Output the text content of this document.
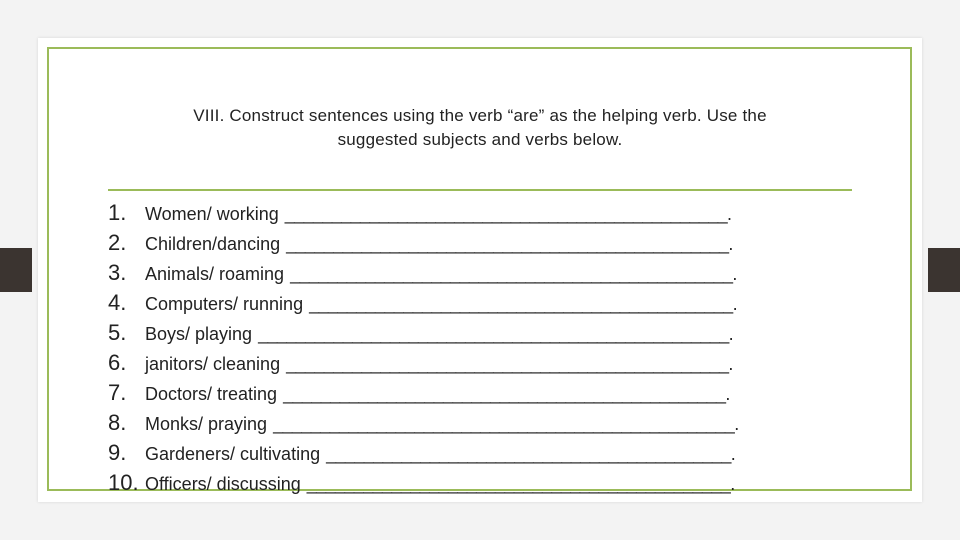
VIII. Construct sentences using the verb “are” as the helping verb. Use the
suggested subjects and verbs below.
1.	Women/ working _______________________________________________.
2.	Children/dancing _______________________________________________.
3.	Animals/ roaming _______________________________________________.
4.	Computers/ running _____________________________________________.
5.	Boys/ playing __________________________________________________.
6.	janitors/ cleaning _______________________________________________.
7.	Doctors/ treating _______________________________________________.
8.	Monks/ praying _________________________________________________.
9.	Gardeners/ cultivating ___________________________________________.
10. Officers/ discussing _____________________________________________.
